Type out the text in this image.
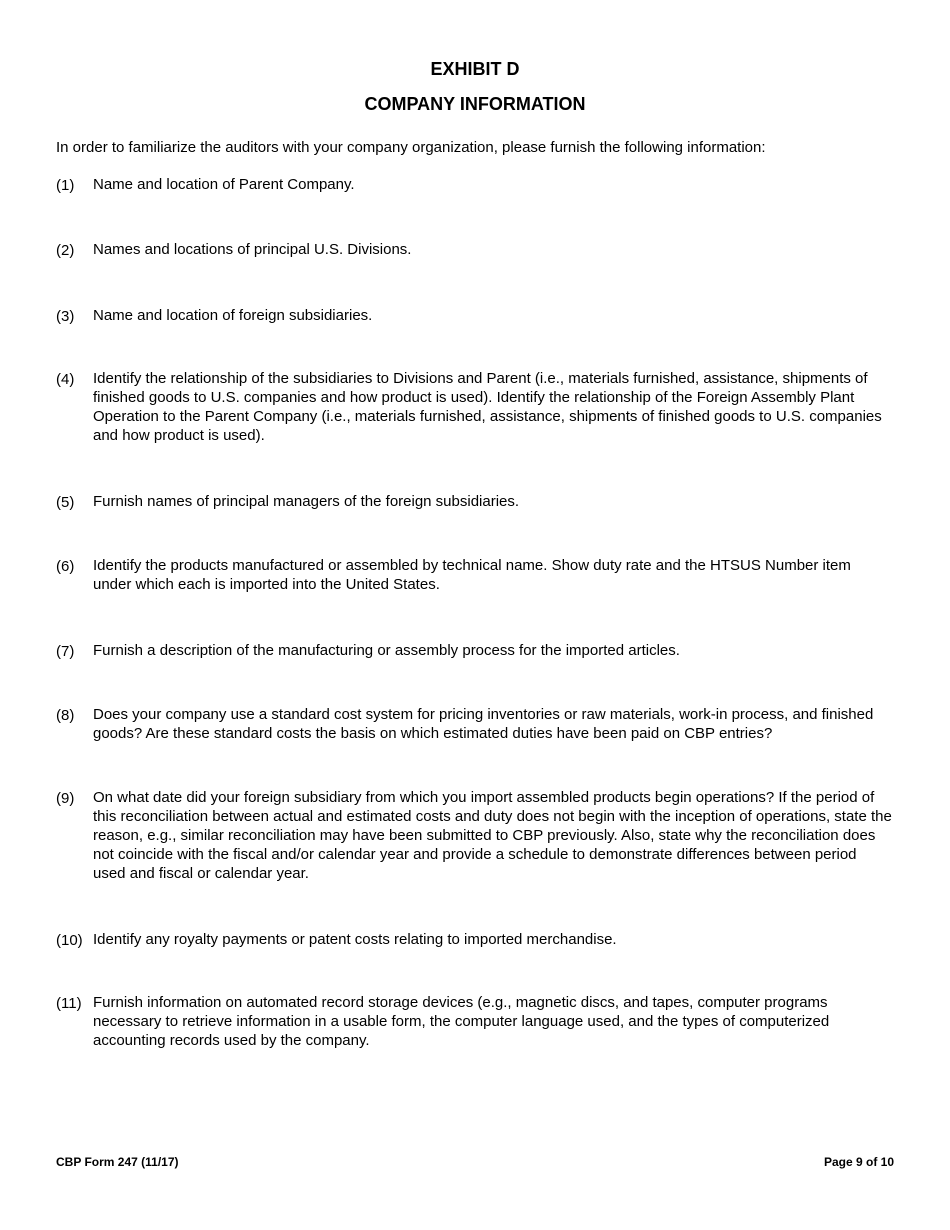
EXHIBIT D
COMPANY INFORMATION

In order to familiarize the auditors with your company organization, please furnish the following information:

(1)	Name and location of Parent Company.
(2)	Names and locations of principal U.S. Divisions.
(3)	Name and location of foreign subsidiaries.
(4)	Identify the relationship of the subsidiaries to Divisions and Parent (i.e., materials furnished, assistance, shipments of finished goods to U.S. companies and how product is used). Identify the relationship of the Foreign Assembly Plant Operation to the Parent Company (i.e., materials furnished, assistance, shipments of finished goods to U.S. companies and how product is used).
(5)	Furnish names of principal managers of the foreign subsidiaries.
(6)	Identify the products manufactured or assembled by technical name. Show duty rate and the HTSUS Number item under which each is imported into the United States.
(7)	Furnish a description of the manufacturing or assembly process for the imported articles.
(8)	Does your company use a standard cost system for pricing inventories or raw materials, work-in process, and finished goods? Are these standard costs the basis on which estimated duties have been paid on CBP entries?
(9)	On what date did your foreign subsidiary from which you import assembled products begin operations? If the period of this reconciliation between actual and estimated costs and duty does not begin with the inception of operations, state the reason, e.g., similar reconciliation may have been submitted to CBP previously. Also, state why the reconciliation does not coincide with the fiscal and/or calendar year and provide a schedule to demonstrate differences between period used and fiscal or calendar year.
(10) Identify any royalty payments or patent costs relating to imported merchandise.
(11) Furnish information on automated record storage devices (e.g., magnetic discs, and tapes, computer programs necessary to retrieve information in a usable form, the computer language used, and the types of computerized accounting records used by the company.
CBP Form 247 (11/17)	Page 9 of 10
